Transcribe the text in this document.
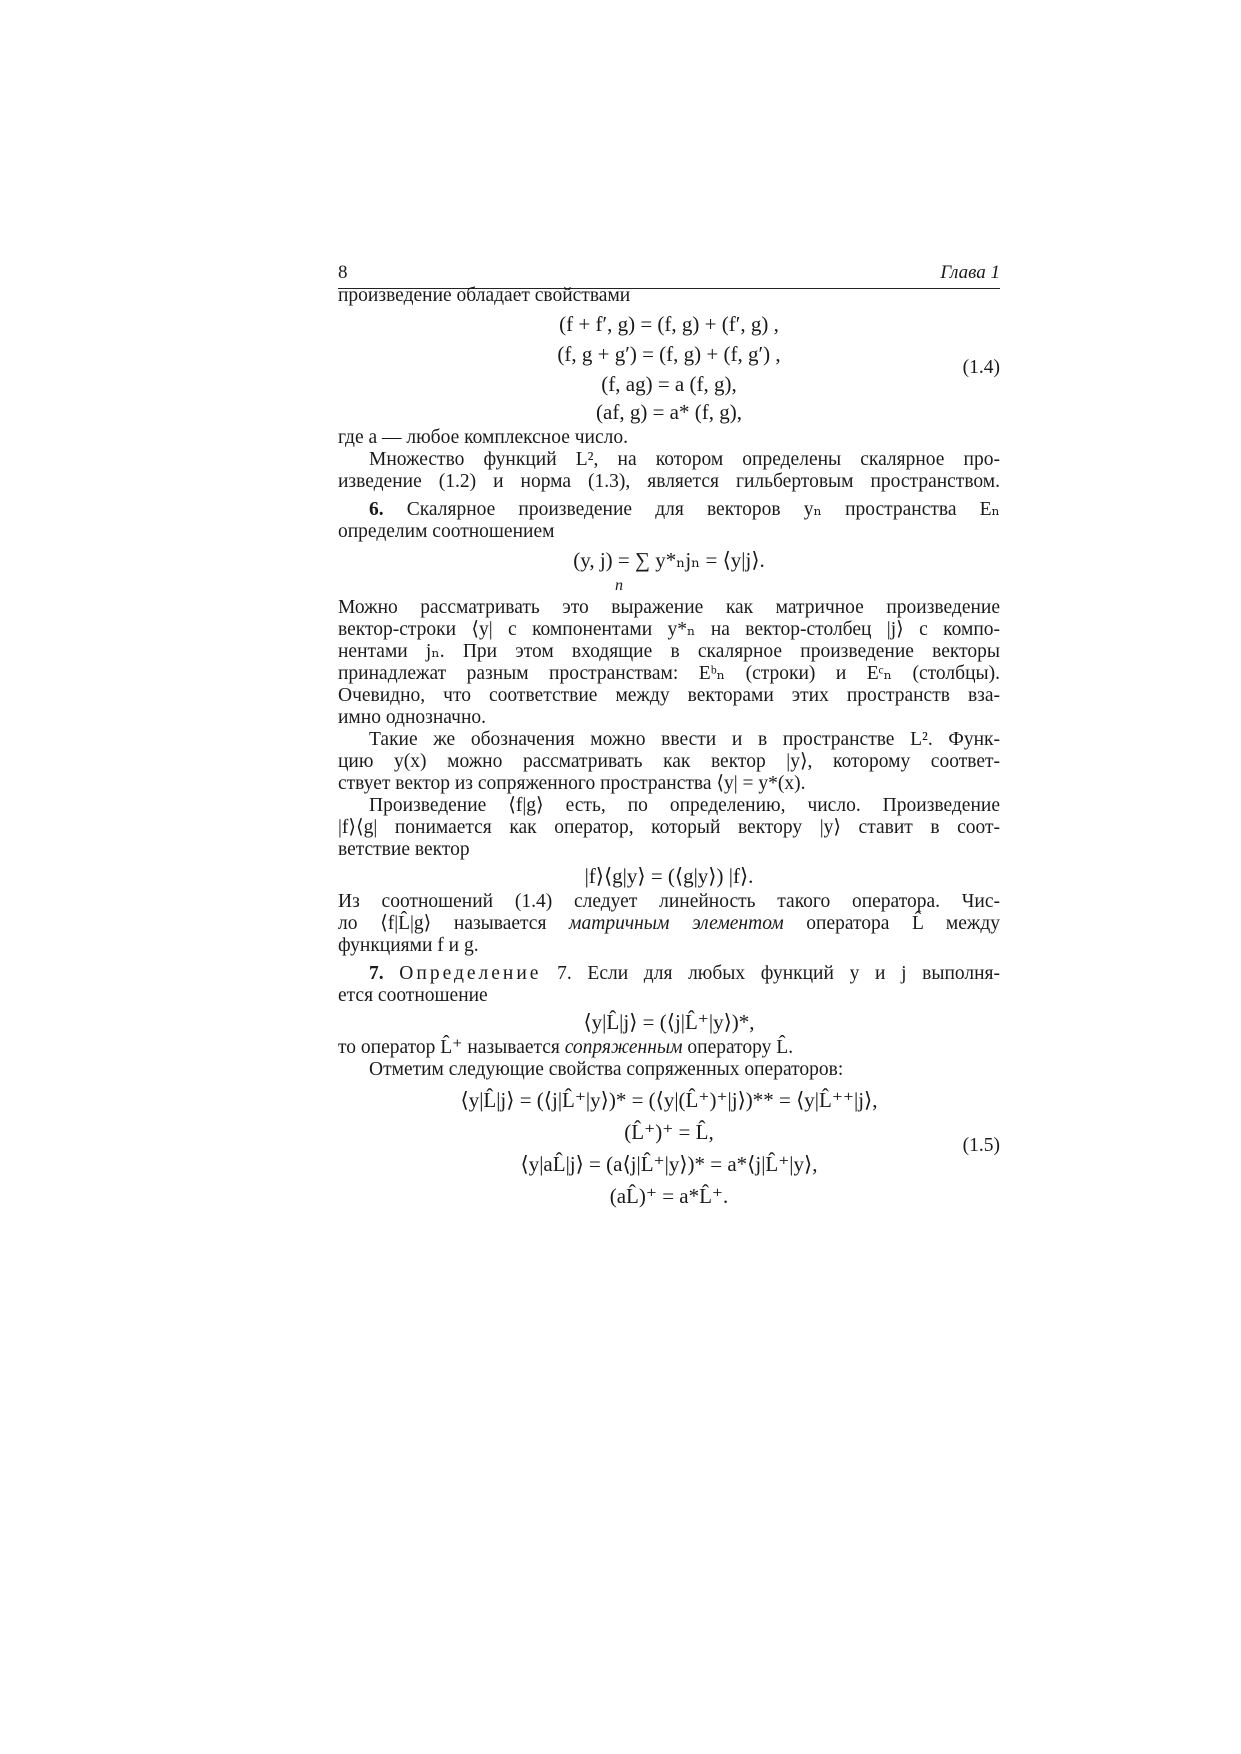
8	Глава 1
произведение обладает свойствами
(f + f′, g) = (f, g) + (f′, g) ,
(f, g + g′) = (f, g) + (f, g′) ,
(f, ag) = a (f, g),
(af, g) = a* (f, g),
(1.4)
где a — любое комплексное число.
Множество функций L², на котором определены скалярное про-
изведение (1.2) и норма (1.3), является гильбертовым пространством.
6. Скалярное произведение для векторов yₙ пространства Eₙ
определим соотношением
(y, j) = ∑ y*ₙjₙ = ⟨y|j⟩.
n
Можно рассматривать это выражение как матричное произведение
вектор-строки ⟨y| с компонентами y*ₙ на вектор-столбец |j⟩ с компо-
нентами jₙ. При этом входящие в скалярное произведение векторы
принадлежат разным пространствам: Eᵇₙ (строки) и Eᶜₙ (столбцы).
Очевидно, что соответствие между векторами этих пространств вза-
имно однозначно.
Такие же обозначения можно ввести и в пространстве L². Функ-
цию y(x) можно рассматривать как вектор |y⟩, которому соответ-
ствует вектор из сопряженного пространства ⟨y| = y*(x).
Произведение ⟨f|g⟩ есть, по определению, число. Произведение
|f⟩⟨g| понимается как оператор, который вектору |y⟩ ставит в соот-
ветствие вектор
|f⟩⟨g|y⟩ = (⟨g|y⟩) |f⟩.
Из соотношений (1.4) следует линейность такого оператора. Чис-
ло ⟨f|L̂|g⟩ называется матричным элементом оператора L̂ между
функциями f и g.
7. Определение 7. Если для любых функций y и j выполня-
ется соотношение
⟨y|L̂|j⟩ = (⟨j|L̂⁺|y⟩)*,
то оператор L̂⁺ называется сопряженным оператору L̂.
Отметим следующие свойства сопряженных операторов:
⟨y|L̂|j⟩ = (⟨j|L̂⁺|y⟩)* = (⟨y|(L̂⁺)⁺|j⟩)** = ⟨y|L̂⁺⁺|j⟩,
(L̂⁺)⁺ = L̂,
⟨y|aL̂|j⟩ = (a⟨j|L̂⁺|y⟩)* = a*⟨j|L̂⁺|y⟩,
(aL̂)⁺ = a*L̂⁺.
(1.5)
